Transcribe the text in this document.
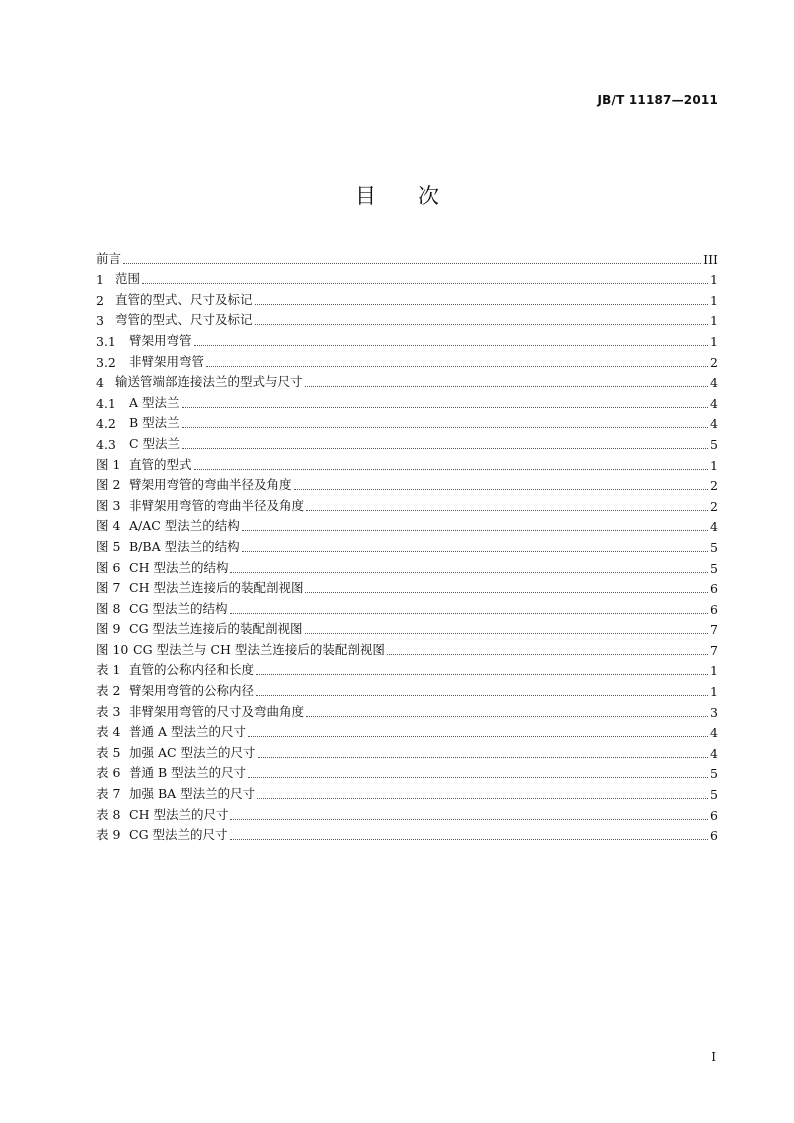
JB/T 11187—2011
目 次
前言	III
1 范围	1
2 直管的型式、尺寸及标记	1
3 弯管的型式、尺寸及标记	1
3.1	臂架用弯管	1
3.2	非臂架用弯管	2
4 输送管端部连接法兰的型式与尺寸	4
4.1	A 型法兰	4
4.2	B 型法兰	4
4.3	C 型法兰	5
图 1 直管的型式	1
图 2 臂架用弯管的弯曲半径及角度	2
图 3 非臂架用弯管的弯曲半径及角度	2
图 4 A/AC 型法兰的结构	4
图 5 B/BA 型法兰的结构	5
图 6 CH 型法兰的结构	5
图 7 CH 型法兰连接后的装配剖视图	6
图 8 CG 型法兰的结构	6
图 9 CG 型法兰连接后的装配剖视图	7
图 10 CG 型法兰与 CH 型法兰连接后的装配剖视图	7
表 1 直管的公称内径和长度	1
表 2 臂架用弯管的公称内径	1
表 3 非臂架用弯管的尺寸及弯曲角度	3
表 4 普通 A 型法兰的尺寸	4
表 5 加强 AC 型法兰的尺寸	4
表 6 普通 B 型法兰的尺寸	5
表 7 加强 BA 型法兰的尺寸	5
表 8 CH 型法兰的尺寸	6
表 9 CG 型法兰的尺寸	6
I
